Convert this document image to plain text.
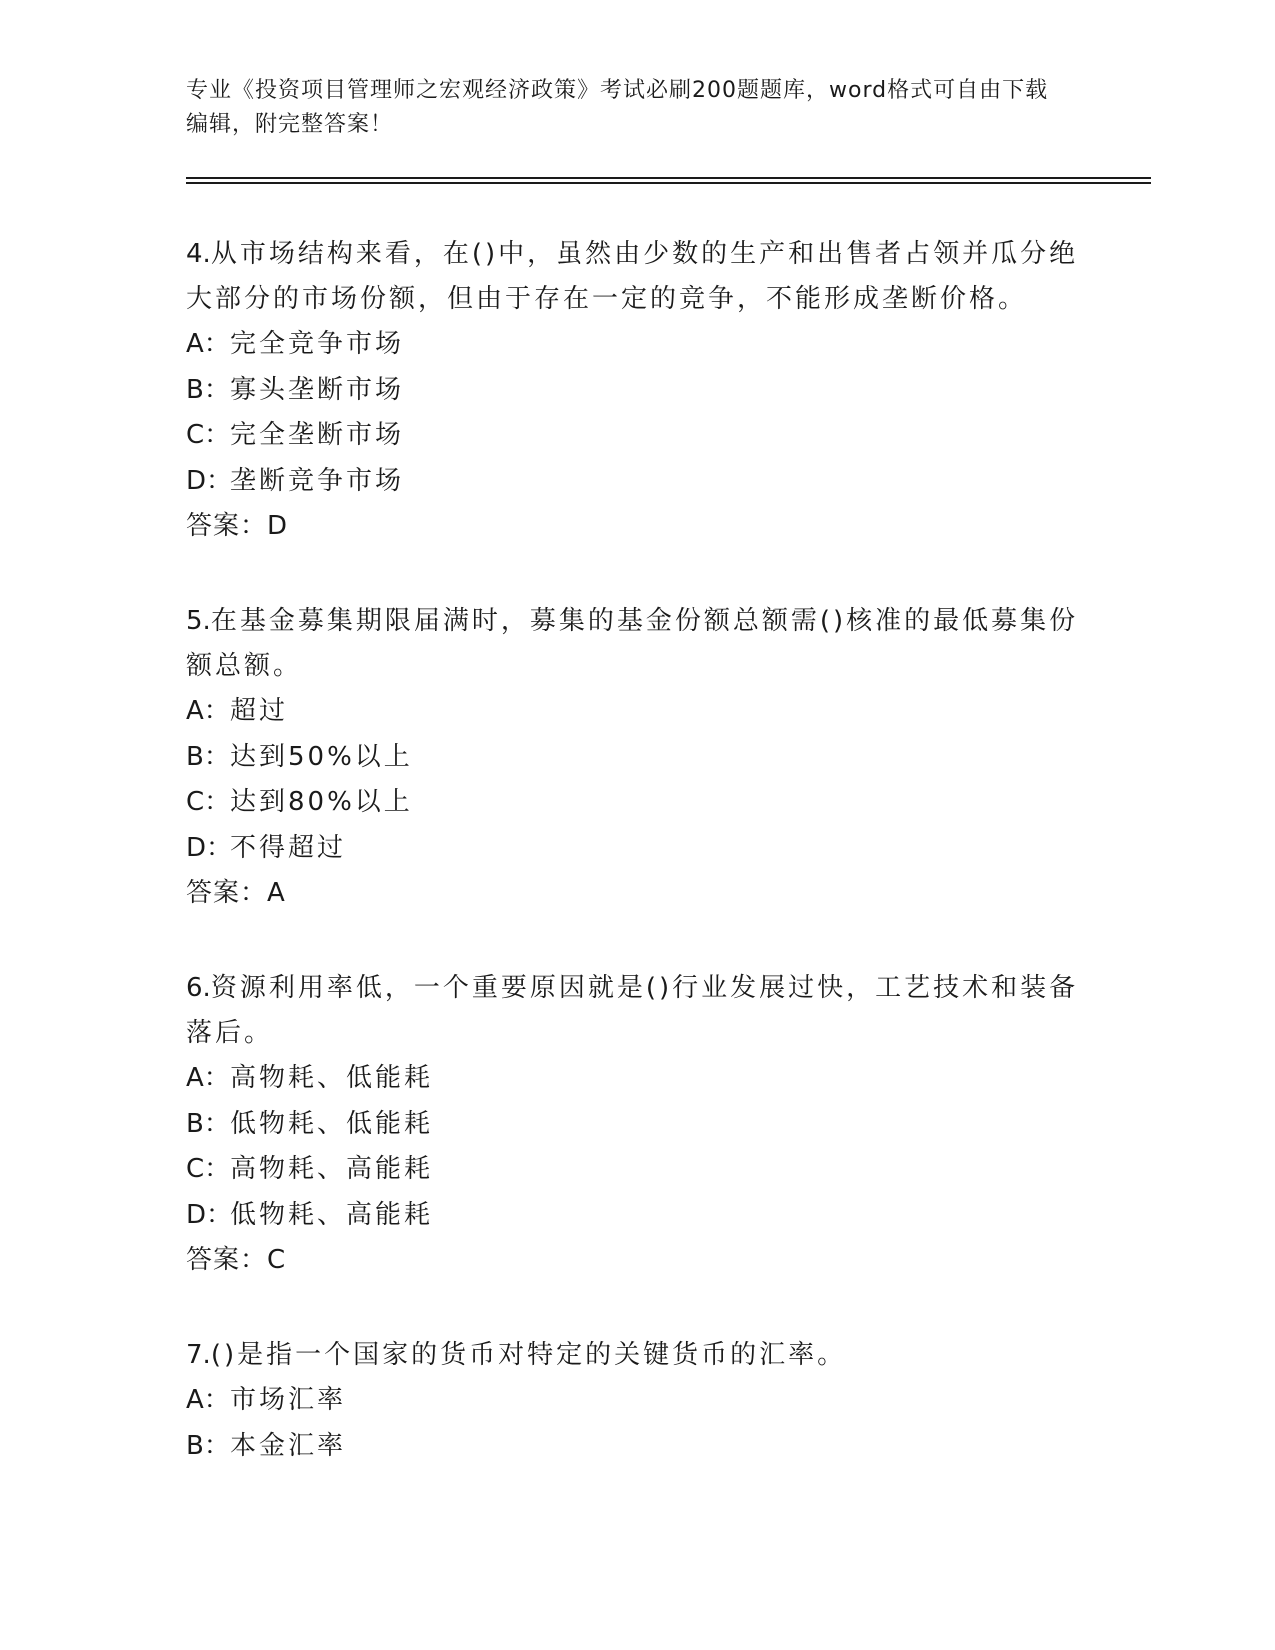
专业《投资项目管理师之宏观经济政策》考试必刷200题题库，word格式可自由下载编辑，附完整答案！
4.从市场结构来看，在()中，虽然由少数的生产和出售者占领并瓜分绝大部分的市场份额，但由于存在一定的竞争，不能形成垄断价格。
A：完全竞争市场
B：寡头垄断市场
C：完全垄断市场
D：垄断竞争市场
答案：D
5.在基金募集期限届满时，募集的基金份额总额需()核准的最低募集份额总额。
A：超过
B：达到50%以上
C：达到80%以上
D：不得超过
答案：A
6.资源利用率低，一个重要原因就是()行业发展过快，工艺技术和装备落后。
A：高物耗、低能耗
B：低物耗、低能耗
C：高物耗、高能耗
D：低物耗、高能耗
答案：C
7.()是指一个国家的货币对特定的关键货币的汇率。
A：市场汇率
B：本金汇率
